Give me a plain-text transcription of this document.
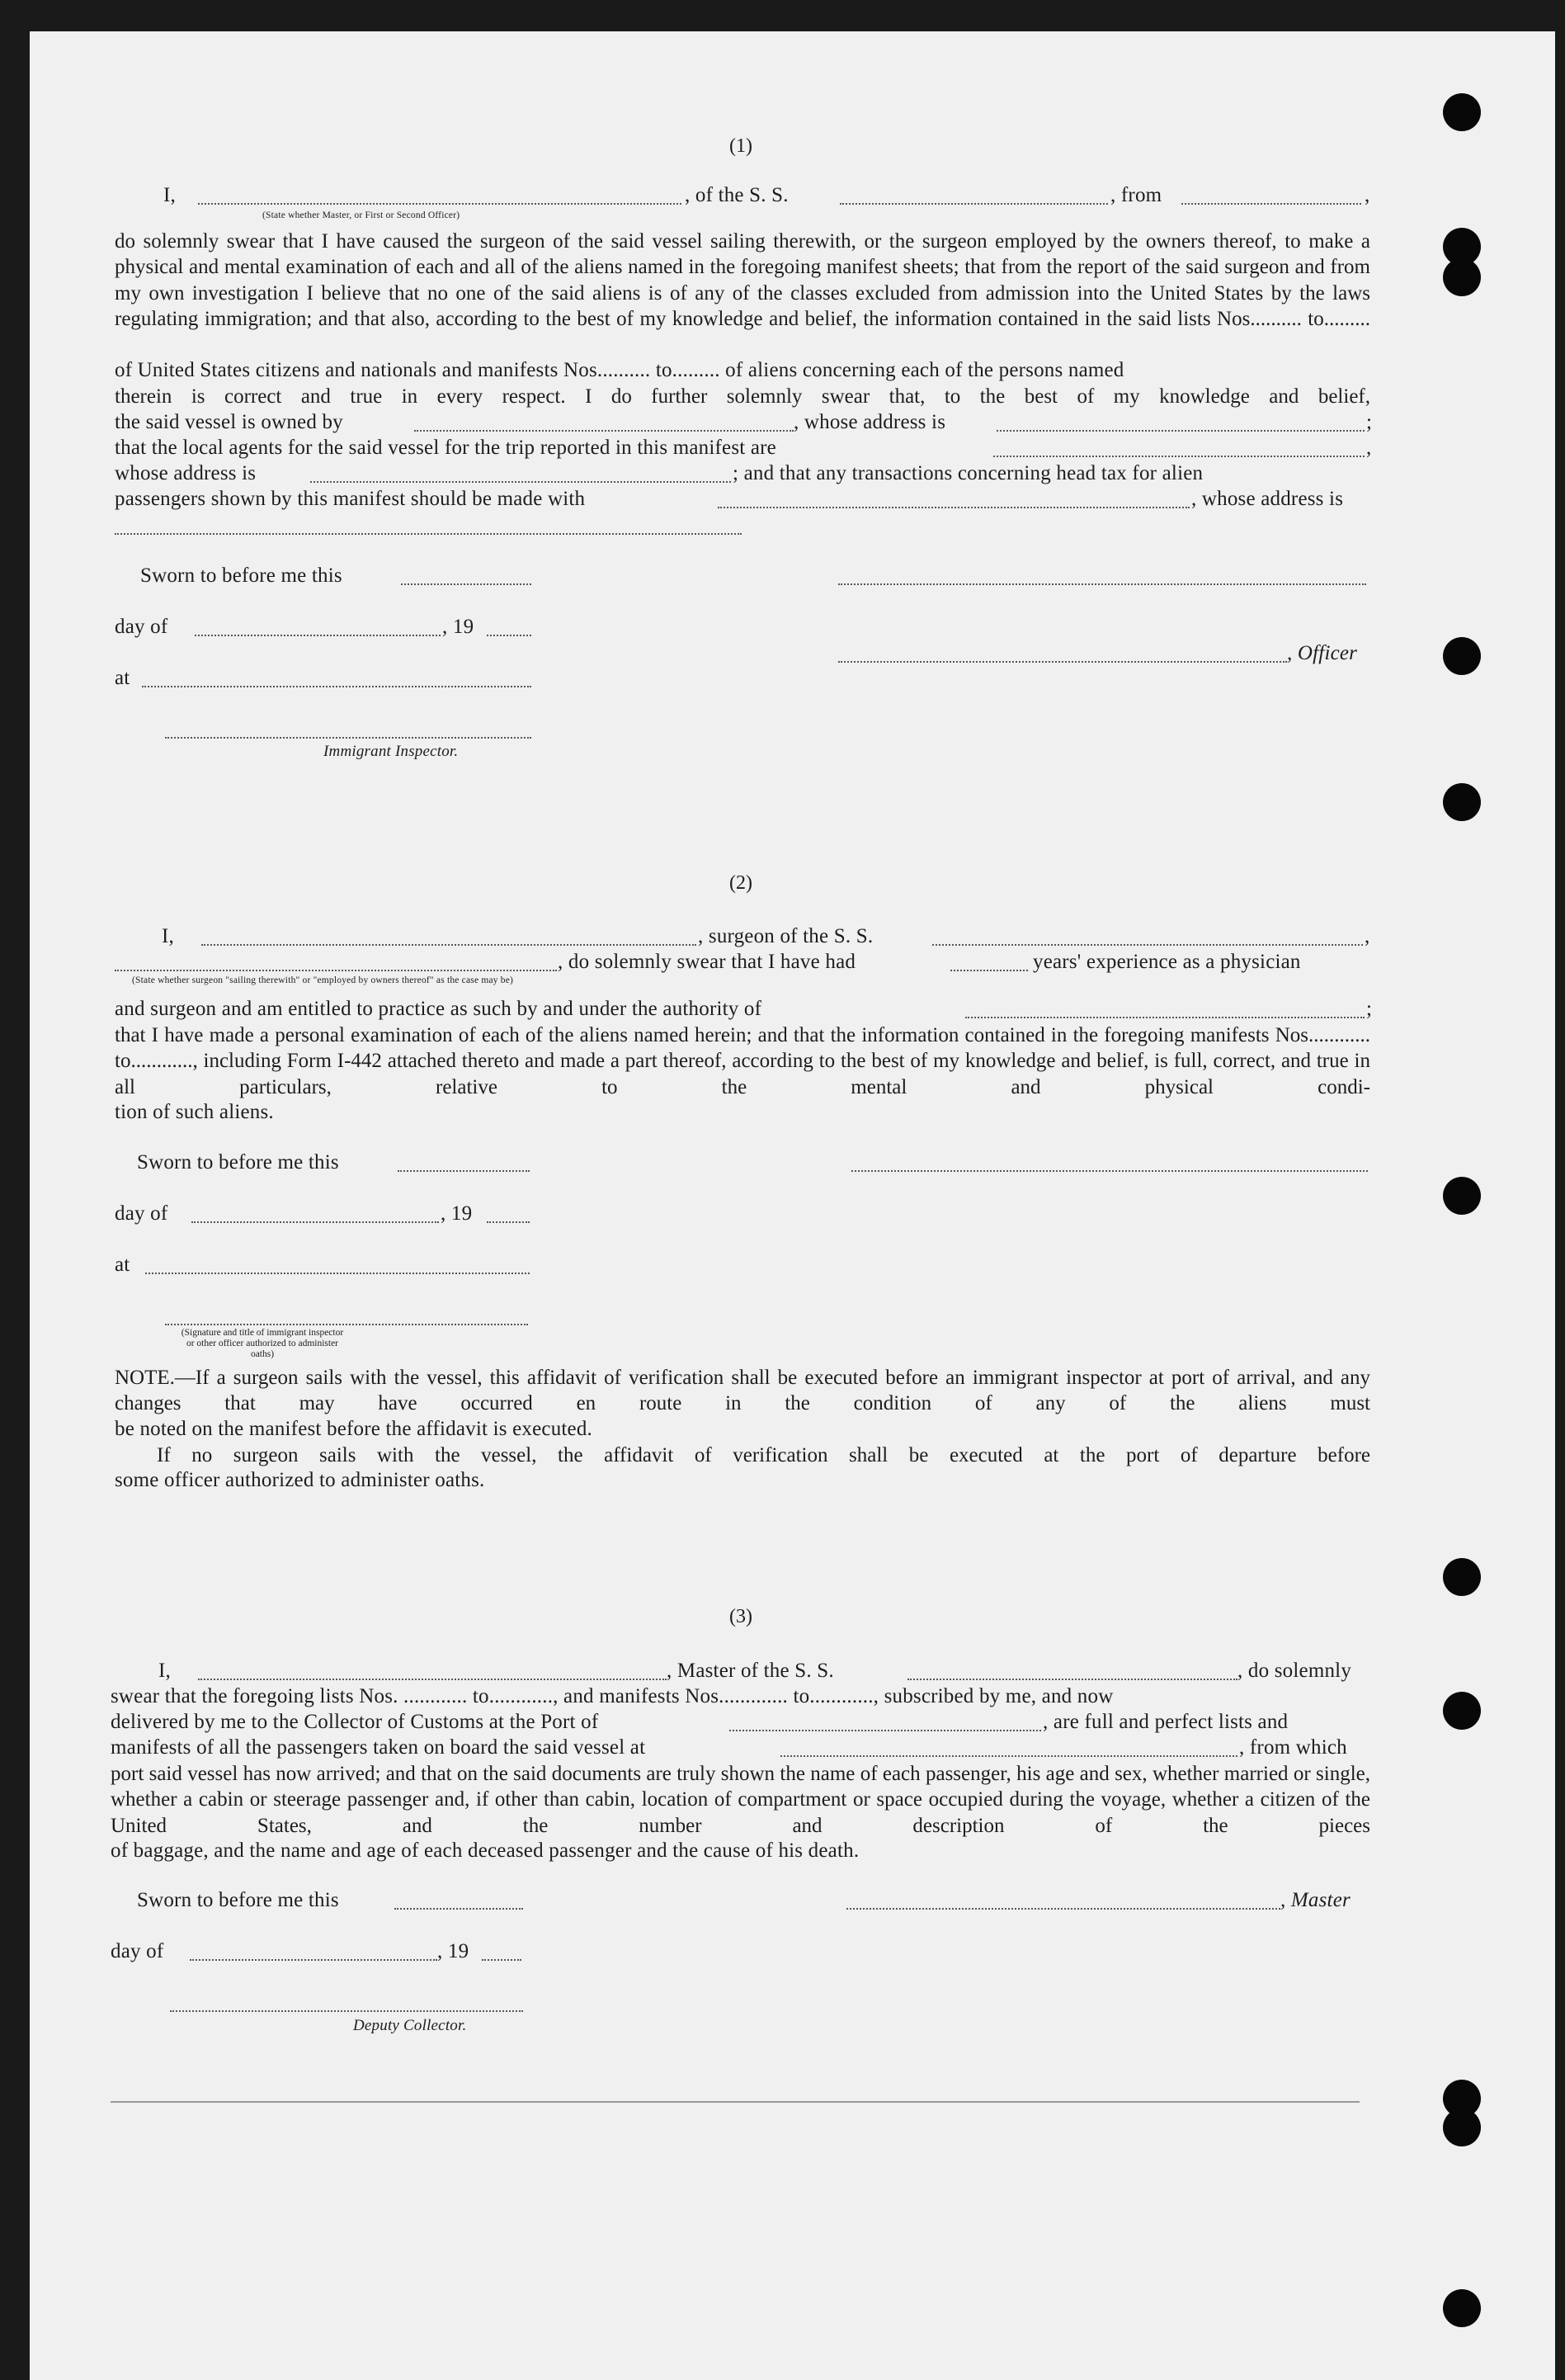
(1)
I,	, of the S. S.	, from	,
(State whether Master, or First or Second Officer)
do solemnly swear that I have caused the surgeon of the said vessel sailing therewith, or the surgeon employed by the owners thereof, to make a physical and mental examination of each and all of the aliens named in the foregoing manifest sheets; that from the report of the said surgeon and from my own investigation I believe that no one of the said aliens is of any of the classes excluded from admission into the United States by the laws regulating immigration; and that also, according to the best of my knowledge and belief, the information contained in the said lists Nos.......... to.........
of United States citizens and nationals and manifests Nos.......... to......... of aliens concerning each of the persons named
therein is correct and true in every respect. I do further solemnly swear that, to the best of my knowledge and belief,
the said vessel is owned by	, whose address is	;
that the local agents for the said vessel for the trip reported in this manifest are	,
whose address is	; and that any transactions concerning head tax for alien
passengers shown by this manifest should be made with	, whose address is
Sworn to before me this
day of	, 19
, Officer
at
Immigrant Inspector.
(2)
I,	, surgeon of the S. S.	,
, do solemnly swear that I have had	years' experience as a physician
(State whether surgeon "sailing therewith" or "employed by owners thereof" as the case may be)
and surgeon and am entitled to practice as such by and under the authority of	;
that I have made a personal examination of each of the aliens named herein; and that the information contained in the foregoing manifests Nos............ to............, including Form I-442 attached thereto and made a part thereof, according to the best of my knowledge and belief, is full, correct, and true in all particulars, relative to the mental and physical condi-
tion of such aliens.
Sworn to before me this
day of	, 19
at
(Signature and title of immigrant inspector or other officer authorized to administer oaths)
NOTE.—If a surgeon sails with the vessel, this affidavit of verification shall be executed before an immigrant inspector at port of arrival, and any changes that may have occurred en route in the condition of any of the aliens must
be noted on the manifest before the affidavit is executed.
If no surgeon sails with the vessel, the affidavit of verification shall be executed at the port of departure before
some officer authorized to administer oaths.
(3)
I,	, Master of the S. S.	, do solemnly
swear that the foregoing lists Nos. ............ to............, and manifests Nos............. to............, subscribed by me, and now
delivered by me to the Collector of Customs at the Port of	, are full and perfect lists and
manifests of all the passengers taken on board the said vessel at	, from which
port said vessel has now arrived; and that on the said documents are truly shown the name of each passenger, his age and sex, whether married or single, whether a cabin or steerage passenger and, if other than cabin, location of compartment or space occupied during the voyage, whether a citizen of the United States, and the number and description of the pieces
of baggage, and the name and age of each deceased passenger and the cause of his death.
Sworn to before me this	, Master
day of	, 19
Deputy Collector.
